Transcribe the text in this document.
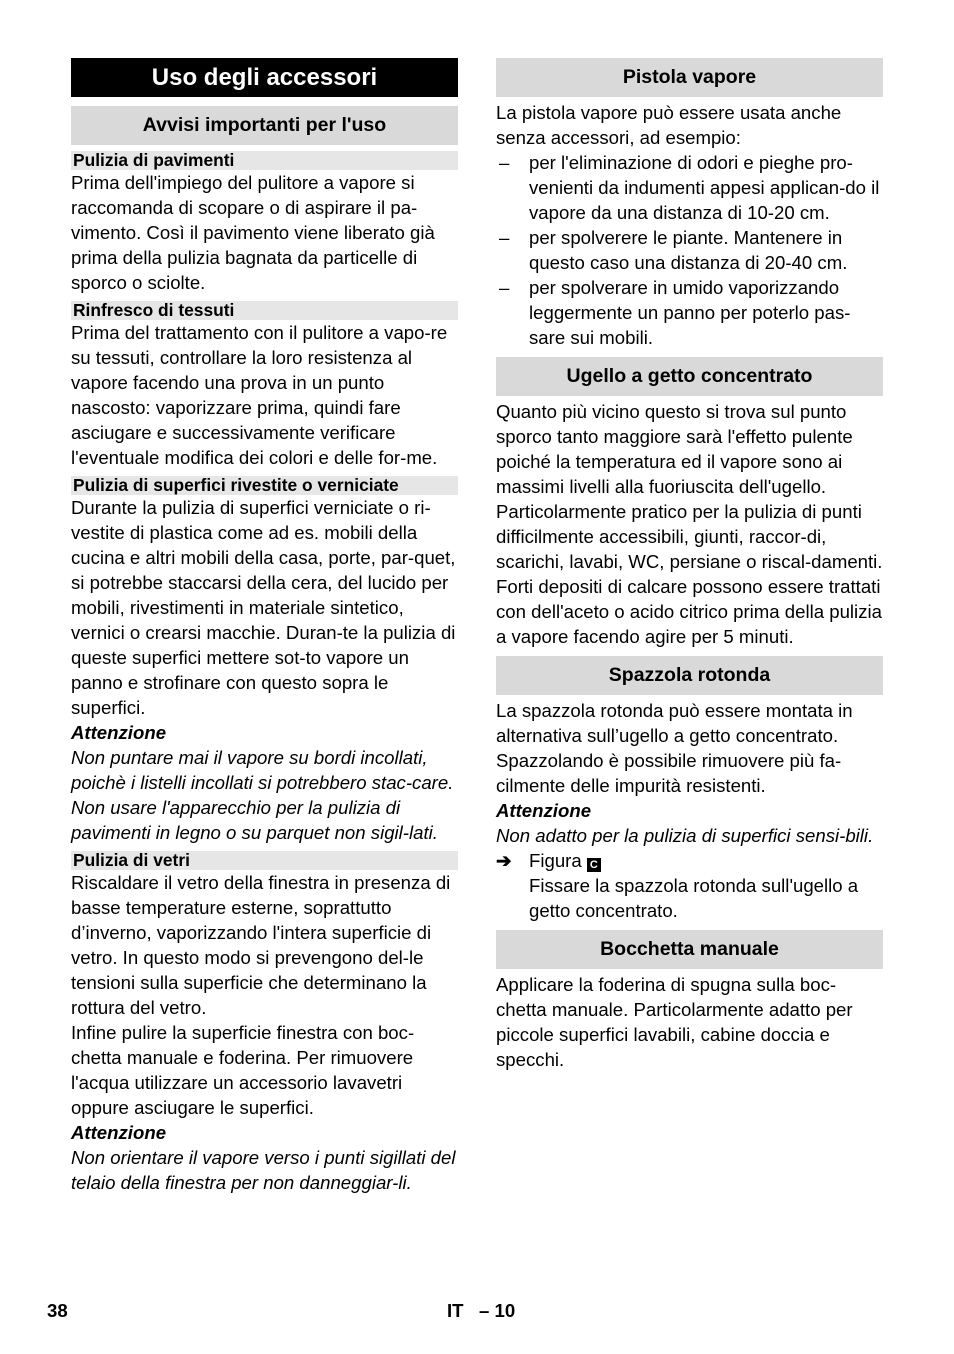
Uso degli accessori
Avvisi importanti per l'uso
Pulizia di pavimenti

Prima dell'impiego del pulitore a vapore si raccomanda di scopare o di aspirare il pa-vimento. Così il pavimento viene liberato già prima della pulizia bagnata da particelle di sporco o sciolte.

Rinfresco di tessuti

Prima del trattamento con il pulitore a vapo-re su tessuti, controllare la loro resistenza al vapore facendo una prova in un punto nascosto: vaporizzare prima, quindi fare asciugare e successivamente verificare l'eventuale modifica dei colori e delle for-me.

Pulizia di superfici rivestite o verniciate

Durante la pulizia di superfici verniciate o ri-vestite di plastica come ad es. mobili della cucina e altri mobili della casa, porte, par-quet, si potrebbe staccarsi della cera, del lucido per mobili, rivestimenti in materiale sintetico, vernici o crearsi macchie. Duran-te la pulizia di queste superfici mettere sot-to vapore un panno e strofinare con questo sopra le superfici.

Attenzione

Non puntare mai il vapore su bordi incollati, poichè i listelli incollati si potrebbero stac-care. Non usare l'apparecchio per la pulizia di pavimenti in legno o su parquet non sigil-lati.

Pulizia di vetri

Riscaldare il vetro della finestra in presenza di basse temperature esterne, soprattutto d’inverno, vaporizzando l'intera superficie di vetro. In questo modo si prevengono del-le tensioni sulla superficie che determinano la rottura del vetro.

Infine pulire la superficie finestra con boc-chetta manuale e foderina. Per rimuovere l'acqua utilizzare un accessorio lavavetri oppure asciugare le superfici.

Attenzione

Non orientare il vapore verso i punti sigillati del telaio della finestra per non danneggiar-li.

Pistola vapore

La pistola vapore può essere usata anche senza accessori, ad esempio:

– per l'eliminazione di odori e pieghe pro-venienti da indumenti appesi applican-do il vapore da una distanza di 10-20 cm.
– per spolverere le piante. Mantenere in questo caso una distanza di 20-40 cm.
– per spolverare in umido vaporizzando leggermente un panno per poterlo pas-sare sui mobili.
Ugello a getto concentrato

Quanto più vicino questo si trova sul punto sporco tanto maggiore sarà l'effetto pulente poiché la temperatura ed il vapore sono ai massimi livelli alla fuoriuscita dell'ugello. Particolarmente pratico per la pulizia di punti difficilmente accessibili, giunti, raccor-di, scarichi, lavabi, WC, persiane o riscal-damenti. Forti depositi di calcare possono essere trattati con dell'aceto o acido citrico prima della pulizia a vapore facendo agire per 5 minuti.

Spazzola rotonda

La spazzola rotonda può essere montata in alternativa sull’ugello a getto concentrato. Spazzolando è possibile rimuovere più fa-cilmente delle impurità resistenti.

Attenzione

Non adatto per la pulizia di superfici sensi-bili.

➔ Figura C
Fissare la spazzola rotonda sull'ugello a getto concentrato.
Bocchetta manuale

Applicare la foderina di spugna sulla boc-chetta manuale. Particolarmente adatto per piccole superfici lavabili, cabine doccia e specchi.

38	IT   – 10
